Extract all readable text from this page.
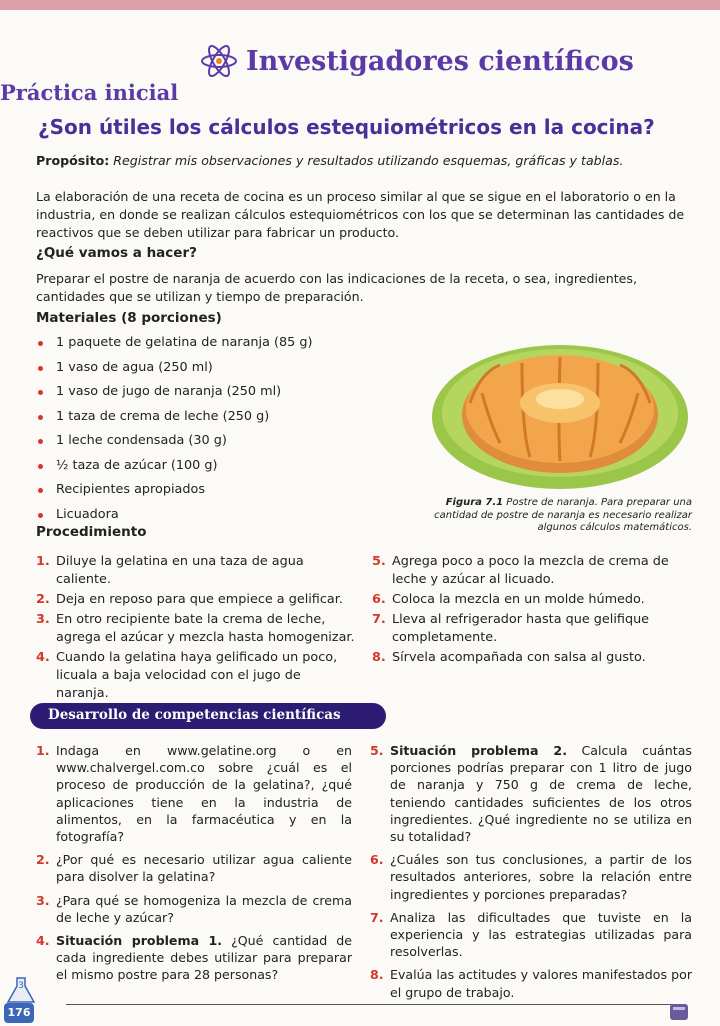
Investigadores científicos
Práctica inicial
¿Son útiles los cálculos estequiométricos en la cocina?
Propósito: Registrar mis observaciones y resultados utilizando esquemas, gráficas y tablas.
La elaboración de una receta de cocina es un proceso similar al que se sigue en el laboratorio o en la industria, en donde se realizan cálculos estequiométricos con los que se determinan las cantidades de reactivos que se deben utilizar para fabricar un producto.
¿Qué vamos a hacer?
Preparar el postre de naranja de acuerdo con las indicaciones de la receta, o sea, ingredientes, cantidades que se utilizan y tiempo de preparación.
Materiales (8 porciones)
1 paquete de gelatina de naranja (85 g)
1 vaso de agua (250 ml)
1 vaso de jugo de naranja (250 ml)
1 taza de crema de leche (250 g)
1 leche condensada (30 g)
½ taza de azúcar (100 g)
Recipientes apropiados
Licuadora
Figura 7.1 Postre de naranja. Para preparar una cantidad de postre de naranja es necesario realizar algunos cálculos matemáticos.
Procedimiento
1. Diluye la gelatina en una taza de agua caliente.
2. Deja en reposo para que empiece a gelificar.
3. En otro recipiente bate la crema de leche, agrega el azúcar y mezcla hasta homogenizar.
4. Cuando la gelatina haya gelificado un poco, licuala a baja velocidad con el jugo de naranja.
5. Agrega poco a poco la mezcla de crema de leche y azúcar al licuado.
6. Coloca la mezcla en un molde húmedo.
7. Lleva al refrigerador hasta que gelifique completamente.
8. Sírvela acompañada con salsa al gusto.
Desarrollo de competencias científicas
1. Indaga en www.gelatine.org o en www.chalvergel.com.co sobre ¿cuál es el proceso de producción de la gelatina?, ¿qué aplicaciones tiene en la industria de alimentos, en la farmacéutica y en la fotografía?
2. ¿Por qué es necesario utilizar agua caliente para disolver la gelatina?
3. ¿Para qué se homogeniza la mezcla de crema de leche y azúcar?
4. Situación problema 1. ¿Qué cantidad de cada ingrediente debes utilizar para preparar el mismo postre para 28 personas?
5. Situación problema 2. Calcula cuántas porciones podrías preparar con 1 litro de jugo de naranja y 750 g de crema de leche, teniendo cantidades suficientes de los otros ingredientes. ¿Qué ingrediente no se utiliza en su totalidad?
6. ¿Cuáles son tus conclusiones, a partir de los resultados anteriores, sobre la relación entre ingredientes y porciones preparadas?
7. Analiza las dificultades que tuviste en la experiencia y las estrategias utilizadas para resolverlas.
8. Evalúa las actitudes y valores manifestados por el grupo de trabajo.
3
176
